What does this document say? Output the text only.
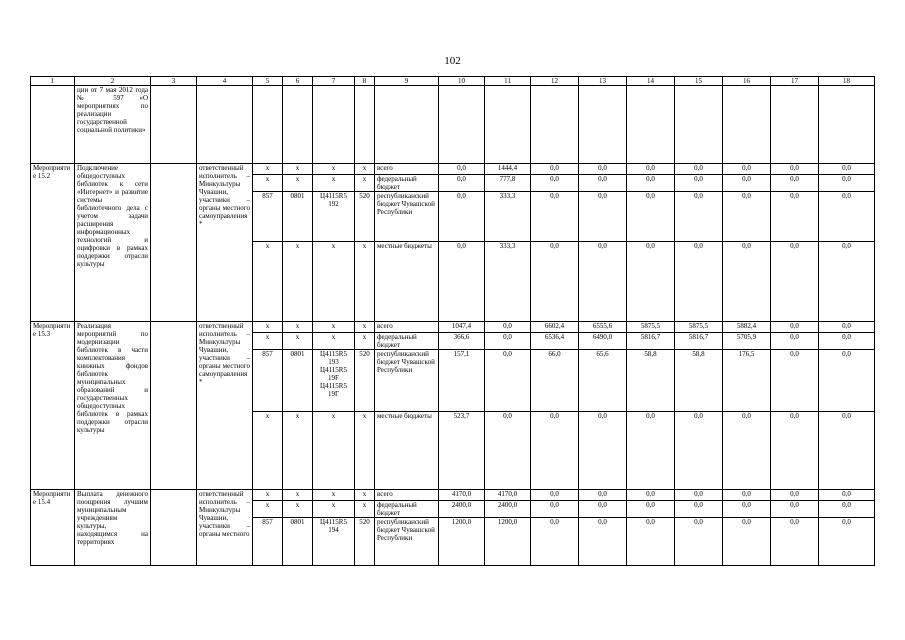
102
1	2	3	4	5	6	7	8	9	10	11	12	13	14	15	16	17	18
	ции от 7 мая 2012 года № 597 «О мероприятиях по реализации государственной социальной политики»																
Мероприятие 15.2	Подключение общедоступных библиотек к сети «Интернет» и развитие системы библиотечного дела с учетом задачи расширения информационных технологий и оцифровки в рамках поддержки отрасли культуры		ответственный исполнитель – Минкультуры Чувашии, участники – органы местного самоуправления*	x	x	x	x	всего	0,0	1444,4	0,0	0,0	0,0	0,0	0,0	0,0	0,0
				x	x	x	x	федеральный бюджет	0,0	777,8	0,0	0,0	0,0	0,0	0,0	0,0	0,0
				857	0801	Ц4115R5 192	520	республиканский бюджет Чувашской Республики	0,0	333,3	0,0	0,0	0,0	0,0	0,0	0,0	0,0
				x	x	x	x	местные бюджеты	0,0	333,3	0,0	0,0	0,0	0,0	0,0	0,0	0,0
Мероприятие 15.3	Реализация мероприятий по модернизации библиотек в части комплектования книжных фондов библиотек муниципальных образований и государственных общедоступных библиотек в рамках поддержки отрасли культуры		ответственный исполнитель – Минкультуры Чувашии, участники – органы местного самоуправления*	x	x	x	x	всего	1047,4	0,0	6602,4	6555,6	5875,5	5875,5	5882,4	0,0	0,0
				x	x	x	x	федеральный бюджет	366,6	0,0	6536,4	6490,0	5816,7	5816,7	5705,9	0,0	0,0
				857	0801	Ц4115R5 193 Ц4115R5 19F Ц4115R5 19Г	520	республиканский бюджет Чувашской Республики	157,1	0,0	66,0	65,6	58,8	58,8	176,5	0,0	0,0
				x	x	x	x	местные бюджеты	523,7	0,0	0,0	0,0	0,0	0,0	0,0	0,0	0,0
Мероприятие 15.4	Выплата денежного поощрения лучшим муниципальным учреждениям культуры, находящимся на территориях		ответственный исполнитель – Минкультуры Чувашии, участники – органы местного	x	x	x	x	всего	4170,0	4170,0	0,0	0,0	0,0	0,0	0,0	0,0	0,0
				x	x	x	x	федеральный бюджет	2400,0	2400,0	0,0	0,0	0,0	0,0	0,0	0,0	0,0
				857	0801	Ц4115R5 194	520	республиканский бюджет Чувашской Республики	1200,0	1200,0	0,0	0,0	0,0	0,0	0,0	0,0	0,0
